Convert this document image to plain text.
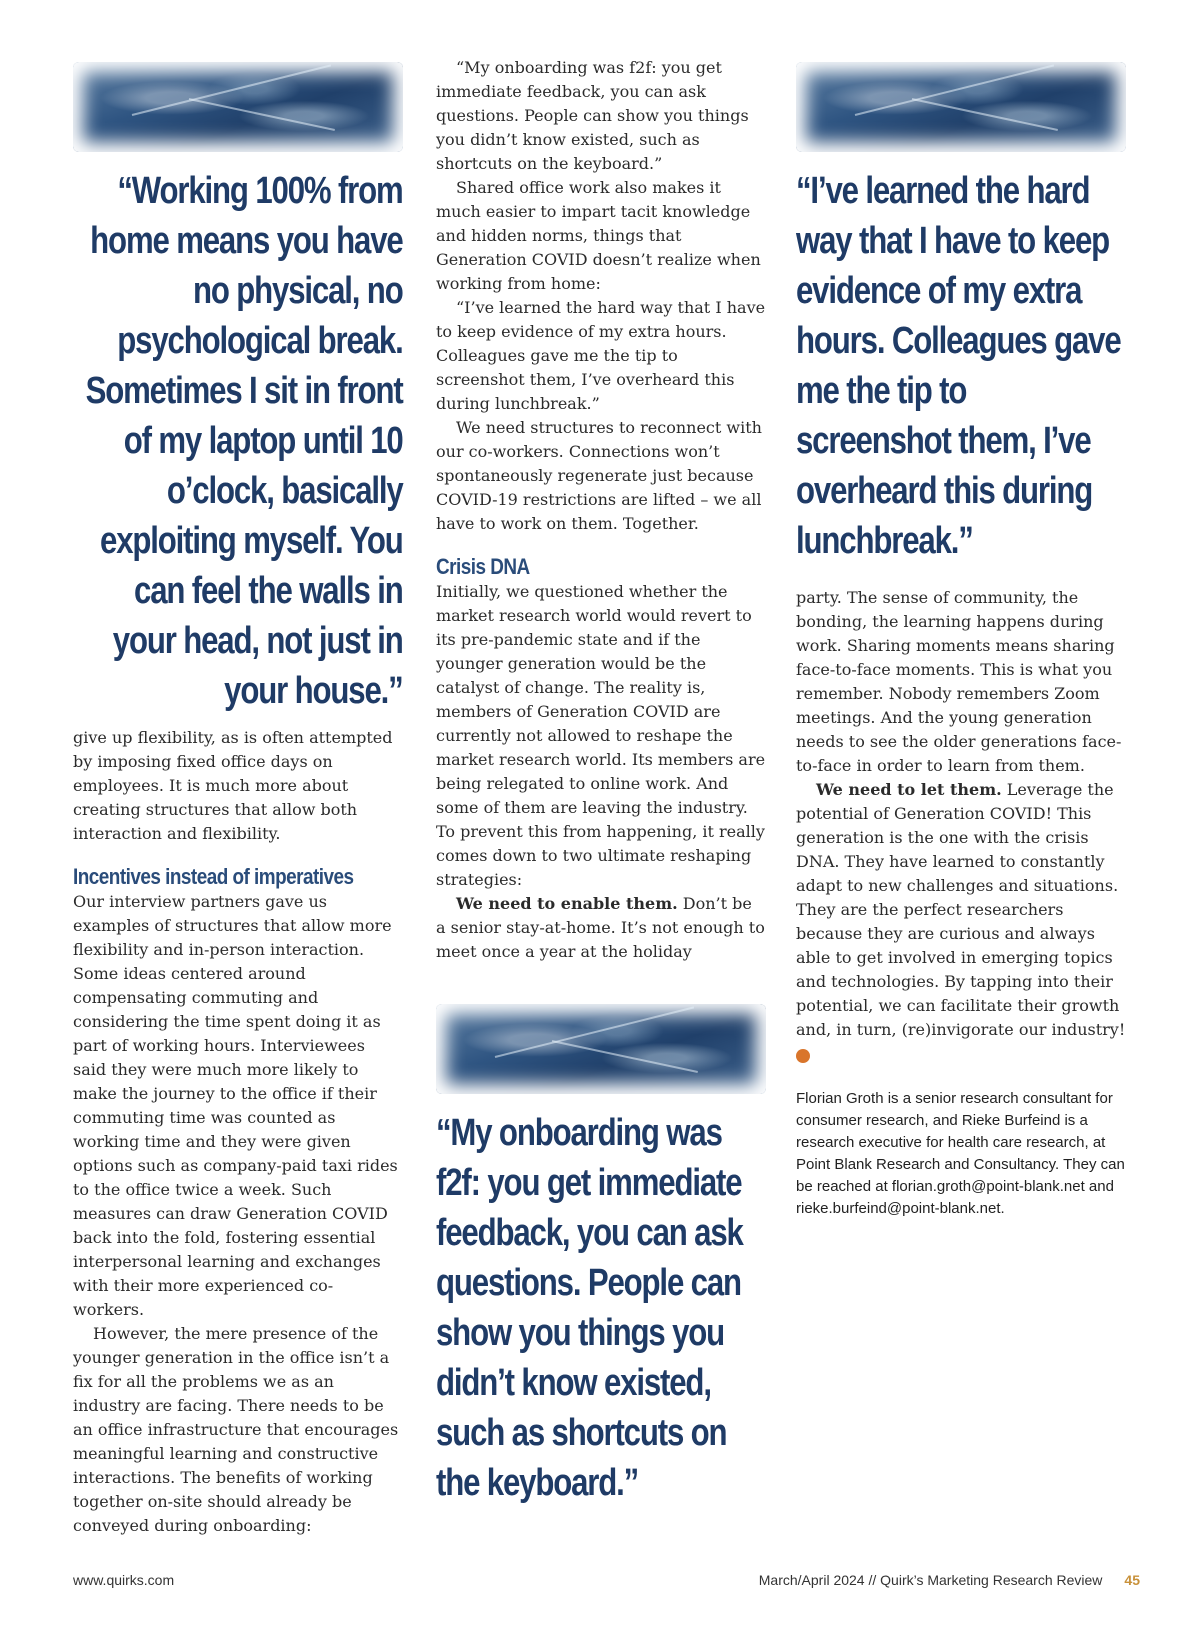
“Working 100% from home means you have no physical, no psychological break. Sometimes I sit in front of my laptop until 10 o’clock, basically exploiting myself. You can feel the walls in your head, not just in your house.”

give up flexibility, as is often attempted by imposing fixed office days on employees. It is much more about creating structures that allow both interaction and flexibility.

Incentives instead of imperatives

Our interview partners gave us examples of structures that allow more flexibility and in-person interaction. Some ideas centered around compensating commuting and considering the time spent doing it as part of working hours. Interviewees said they were much more likely to make the journey to the office if their commuting time was counted as working time and they were given options such as company-paid taxi rides to the office twice a week. Such measures can draw Generation COVID back into the fold, fostering essential interpersonal learning and exchanges with their more experienced co-workers.

However, the mere presence of the younger generation in the office isn’t a fix for all the problems we as an industry are facing. There needs to be an office infrastructure that encourages meaningful learning and constructive interactions. The benefits of working together on-site should already be conveyed during onboarding:

“My onboarding was f2f: you get immediate feedback, you can ask questions. People can show you things you didn’t know existed, such as shortcuts on the keyboard.”

Shared office work also makes it much easier to impart tacit knowledge and hidden norms, things that Generation COVID doesn’t realize when working from home:

“I’ve learned the hard way that I have to keep evidence of my extra hours. Colleagues gave me the tip to screenshot them, I’ve overheard this during lunchbreak.”

We need structures to reconnect with our co-workers. Connections won’t spontaneously regenerate just because COVID-19 restrictions are lifted – we all have to work on them. Together.

Crisis DNA

Initially, we questioned whether the market research world would revert to its pre-pandemic state and if the younger generation would be the catalyst of change. The reality is, members of Generation COVID are currently not allowed to reshape the market research world. Its members are being relegated to online work. And some of them are leaving the industry. To prevent this from happening, it really comes down to two ultimate reshaping strategies:

We need to enable them. Don’t be a senior stay-at-home. It’s not enough to meet once a year at the holiday

“My onboarding was f2f: you get immediate feedback, you can ask questions. People can show you things you didn’t know existed, such as shortcuts on the keyboard.”
“I’ve learned the hard way that I have to keep evidence of my extra hours. Colleagues gave me the tip to screenshot them, I’ve overheard this during lunchbreak.”

party. The sense of community, the bonding, the learning happens during work. Sharing moments means sharing face-to-face moments. This is what you remember. Nobody remembers Zoom meetings. And the young generation needs to see the older generations face-to-face in order to learn from them.

We need to let them. Leverage the potential of Generation COVID! This generation is the one with the crisis DNA. They have learned to constantly adapt to new challenges and situations. They are the perfect researchers because they are curious and always able to get involved in emerging topics and technologies. By tapping into their potential, we can facilitate their growth and, in turn, (re)invigorate our industry! Q

Florian Groth is a senior research consultant for consumer research, and Rieke Burfeind is a research executive for health care research, at Point Blank Research and Consultancy. They can be reached at florian.groth@point-blank.net and rieke.burfeind@point-blank.net.
www.quirks.com	March/April 2024 // Quirk’s Marketing Research Review 45
